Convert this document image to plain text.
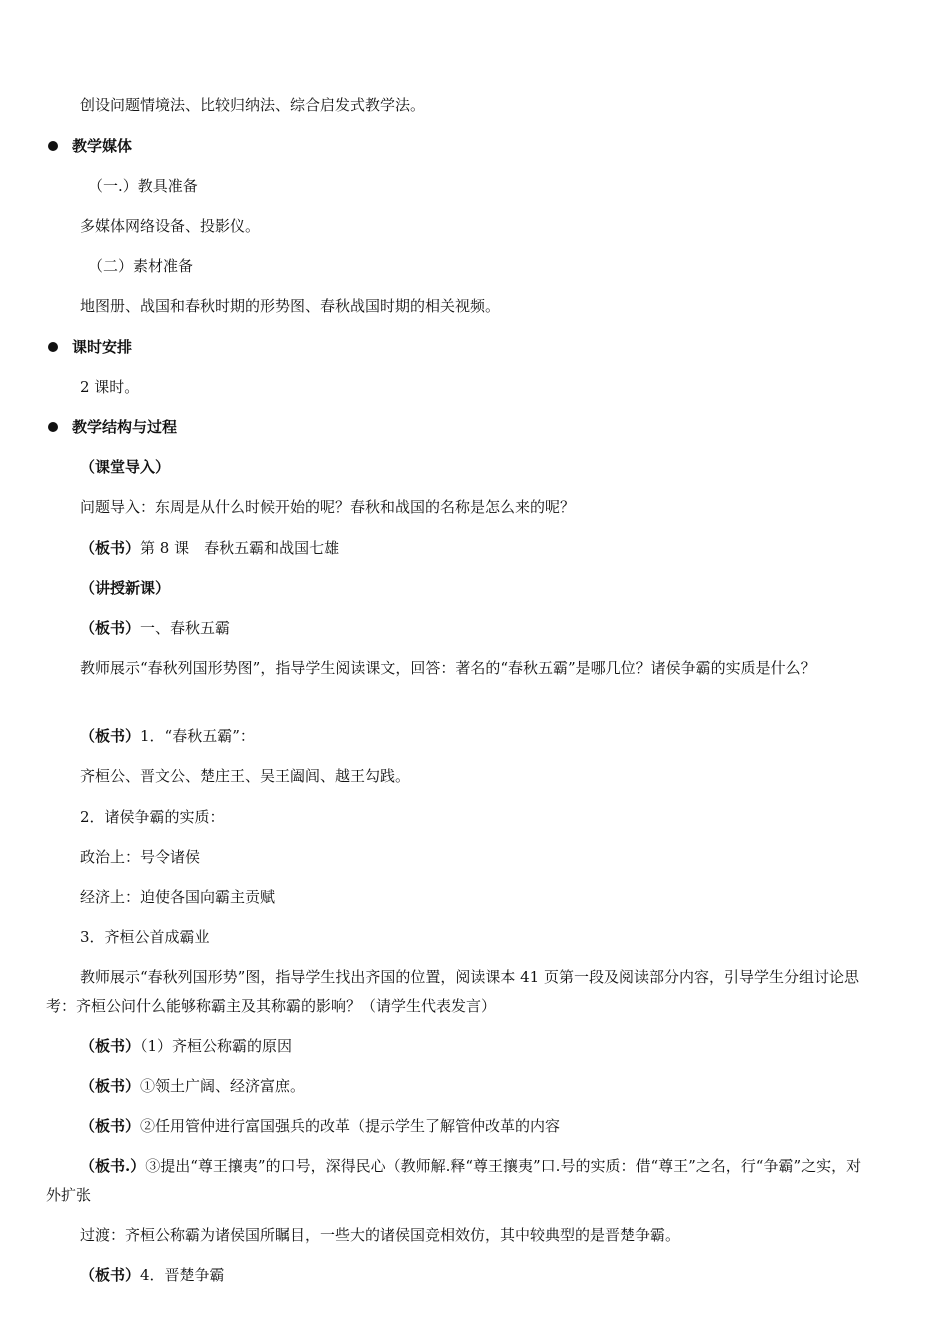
创设问题情境法、比较归纳法、综合启发式教学法。
教学媒体
（一.）教具准备
多媒体网络设备、投影仪。
（二）素材准备
地图册、战国和春秋时期的形势图、春秋战国时期的相关视频。
课时安排
2 课时。
教学结构与过程
（课堂导入）
问题导入：东周是从什么时候开始的呢？春秋和战国的名称是怎么来的呢？
（板书）第 8 课　春秋五霸和战国七雄
（讲授新课）
（板书）一、春秋五霸
教师展示“春秋列国形势图”，指导学生阅读课文，回答：著名的“春秋五霸”是哪几位？诸侯争霸的实质是什么？
（板书）1．“春秋五霸”：
齐桓公、晋文公、楚庄王、吴王阖闾、越王勾践。
2．诸侯争霸的实质：
政治上：号令诸侯
经济上：迫使各国向霸主贡赋
3．齐桓公首成霸业
教师展示“春秋列国形势”图，指导学生找出齐国的位置，阅读课本 41 页第一段及阅读部分内容，引导学生分组讨论思考：齐桓公问什么能够称霸主及其称霸的影响？（请学生代表发言）
（板书）（1）齐桓公称霸的原因
（板书）①领土广阔、经济富庶。
（板书）②任用管仲进行富国强兵的改革（提示学生了解管仲改革的内容
（板书.）③提出“尊王攘夷”的口号，深得民心（教师解.释“尊王攘夷”口.号的实质：借“尊王”之名，行“争霸”之实，对外扩张
过渡：齐桓公称霸为诸侯国所瞩目，一些大的诸侯国竞相效仿，其中较典型的是晋楚争霸。
（板书）4．晋楚争霸
